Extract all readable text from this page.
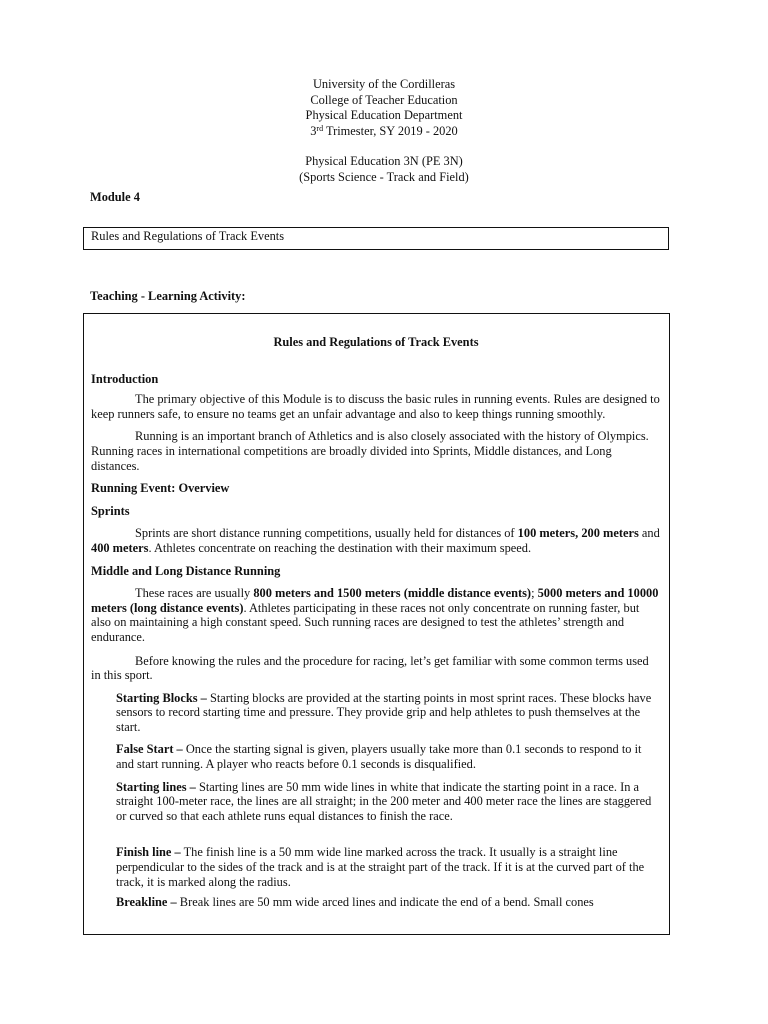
University of the Cordilleras
College of Teacher Education
Physical Education Department
3rd Trimester, SY 2019 - 2020
Physical Education 3N (PE 3N)
(Sports Science - Track and Field)
Module 4
Rules and Regulations of Track Events
Teaching - Learning Activity:
Rules and Regulations of Track Events
Introduction
The primary objective of this Module is to discuss the basic rules in running events. Rules are designed to keep runners safe, to ensure no teams get an unfair advantage and also to keep things running smoothly.
Running is an important branch of Athletics and is also closely associated with the history of Olympics. Running races in international competitions are broadly divided into Sprints, Middle distances, and Long distances.
Running Event: Overview
Sprints
Sprints are short distance running competitions, usually held for distances of 100 meters, 200 meters and 400 meters. Athletes concentrate on reaching the destination with their maximum speed.
Middle and Long Distance Running
These races are usually 800 meters and 1500 meters (middle distance events); 5000 meters and 10000 meters (long distance events). Athletes participating in these races not only concentrate on running faster, but also on maintaining a high constant speed. Such running races are designed to test the athletes’ strength and endurance.
Before knowing the rules and the procedure for racing, let’s get familiar with some common terms used in this sport.
Starting Blocks – Starting blocks are provided at the starting points in most sprint races. These blocks have sensors to record starting time and pressure. They provide grip and help athletes to push themselves at the start.
False Start – Once the starting signal is given, players usually take more than 0.1 seconds to respond to it and start running. A player who reacts before 0.1 seconds is disqualified.
Starting lines – Starting lines are 50 mm wide lines in white that indicate the starting point in a race. In a straight 100-meter race, the lines are all straight; in the 200 meter and 400 meter race the lines are staggered or curved so that each athlete runs equal distances to finish the race.
Finish line – The finish line is a 50 mm wide line marked across the track. It usually is a straight line perpendicular to the sides of the track and is at the straight part of the track. If it is at the curved part of the track, it is marked along the radius.
Breakline – Break lines are 50 mm wide arced lines and indicate the end of a bend. Small cones
